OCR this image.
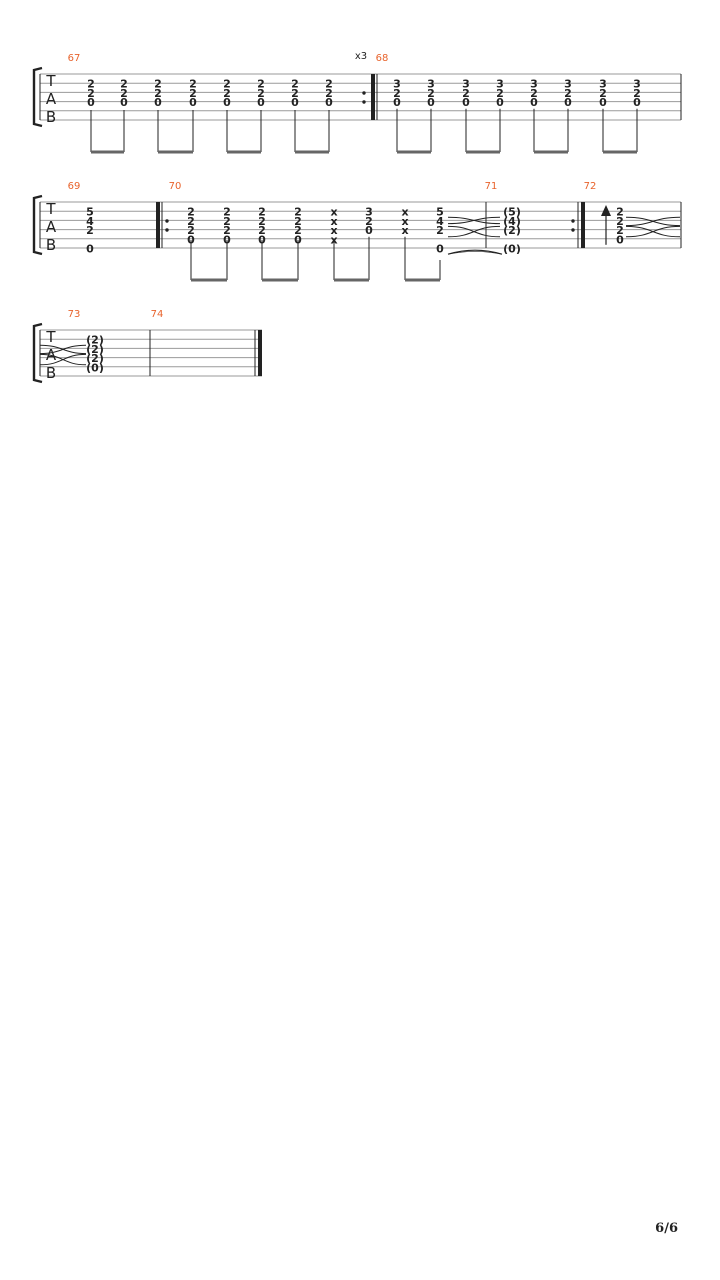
T
A
B
67	x3
2
2
0
2
2
0
2
2
0
2
2
0
2
2
0
2
2
0
2
2
0
2
2
0
68
3
2
0
3
2
0
3
2
0
3
2
0
3
2
0
3
2
0
3
2
0
3
2
0
T
A
B
69
5
4
2
0
70
2
2
2
0
2
2
2
0
2
2
2
0
2
2
2
0
x
x
x
x
3
2
0
x
x
x
5
4
2
0
71
(5)
(4)
(2)
(0)
72
2
2
2
0
T
A
B
73
(2)
(2)
(2)
(0)
74
6/6
